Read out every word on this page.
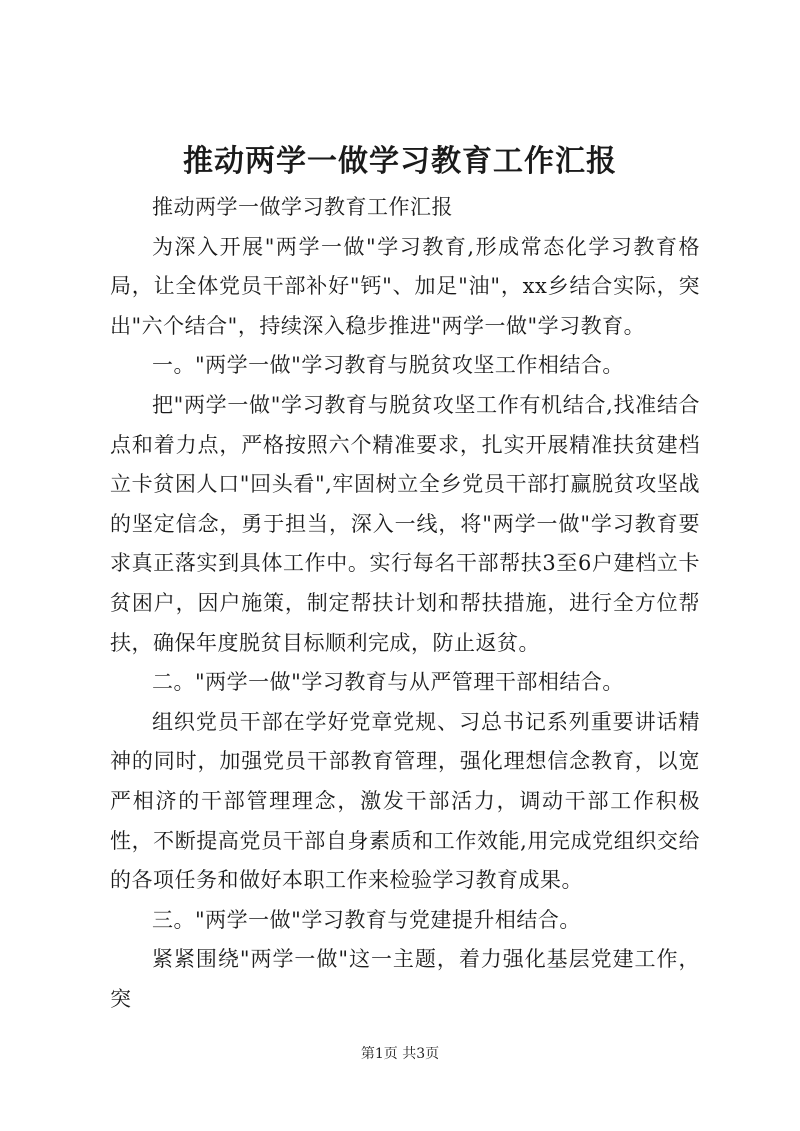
推动两学一做学习教育工作汇报

推动两学一做学习教育工作汇报

为深入开展"两学一做"学习教育,形成常态化学习教育格局，让全体党员干部补好"钙"、加足"油"，xx乡结合实际，突出"六个结合"，持续深入稳步推进"两学一做"学习教育。

一。"两学一做"学习教育与脱贫攻坚工作相结合。

把"两学一做"学习教育与脱贫攻坚工作有机结合,找准结合点和着力点，严格按照六个精准要求，扎实开展精准扶贫建档立卡贫困人口"回头看",牢固树立全乡党员干部打赢脱贫攻坚战的坚定信念，勇于担当，深入一线，将"两学一做"学习教育要求真正落实到具体工作中。实行每名干部帮扶3至6户建档立卡贫困户，因户施策，制定帮扶计划和帮扶措施，进行全方位帮扶，确保年度脱贫目标顺利完成，防止返贫。

二。"两学一做"学习教育与从严管理干部相结合。

组织党员干部在学好党章党规、习总书记系列重要讲话精神的同时，加强党员干部教育管理，强化理想信念教育，以宽严相济的干部管理理念，激发干部活力，调动干部工作积极性，不断提高党员干部自身素质和工作效能,用完成党组织交给的各项任务和做好本职工作来检验学习教育成果。

三。"两学一做"学习教育与党建提升相结合。

紧紧围绕"两学一做"这一主题，着力强化基层党建工作，突

第1页 共3页
